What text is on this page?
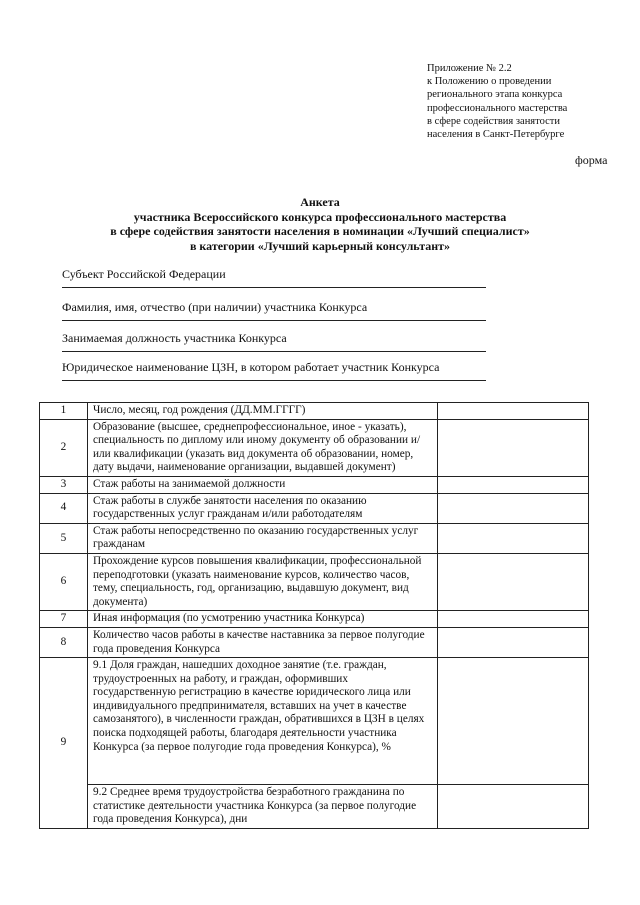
Приложение № 2.2
к Положению о проведении
регионального этапа конкурса
профессионального мастерства
в сфере содействия занятости
населения в Санкт-Петербурге
форма
Анкета
участника Всероссийского конкурса профессионального мастерства
в сфере содействия занятости населения в номинации «Лучший специалист»
в категории «Лучший карьерный консультант»
Субъект Российской Федерации
Фамилия, имя, отчество (при наличии) участника Конкурса
Занимаемая должность участника Конкурса
Юридическое наименование ЦЗН, в котором работает участник Конкурса
1	Число, месяц, год рождения (ДД.ММ.ГГГГ)	
2	Образование (высшее, среднепрофессиональное, иное - указать), специальность по диплому или иному документу об образовании и/или квалификации (указать вид документа об образовании, номер, дату выдачи, наименование организации, выдавшей документ)	
3	Стаж работы на занимаемой должности	
4	Стаж работы в службе занятости населения по оказанию государственных услуг гражданам и/или работодателям	
5	Стаж работы непосредственно по оказанию государственных услуг гражданам	
6	Прохождение курсов повышения квалификации, профессиональной переподготовки (указать наименование курсов, количество часов, тему, специальность, год, организацию, выдавшую документ, вид документа)	
7	Иная информация (по усмотрению участника Конкурса)	
8	Количество часов работы в качестве наставника за первое полугодие года проведения Конкурса	
9	9.1 Доля граждан, нашедших доходное занятие (т.е. граждан, трудоустроенных на работу, и граждан, оформивших государственную регистрацию в качестве юридического лица или индивидуального предпринимателя, вставших на учет в качестве самозанятого), в численности граждан, обратившихся в ЦЗН в целях поиска подходящей работы, благодаря деятельности участника Конкурса (за первое полугодие года проведения Конкурса), %
9.2 Среднее время трудоустройства безработного гражданина по статистике деятельности участника Конкурса (за первое полугодие года проведения Конкурса), дни	
